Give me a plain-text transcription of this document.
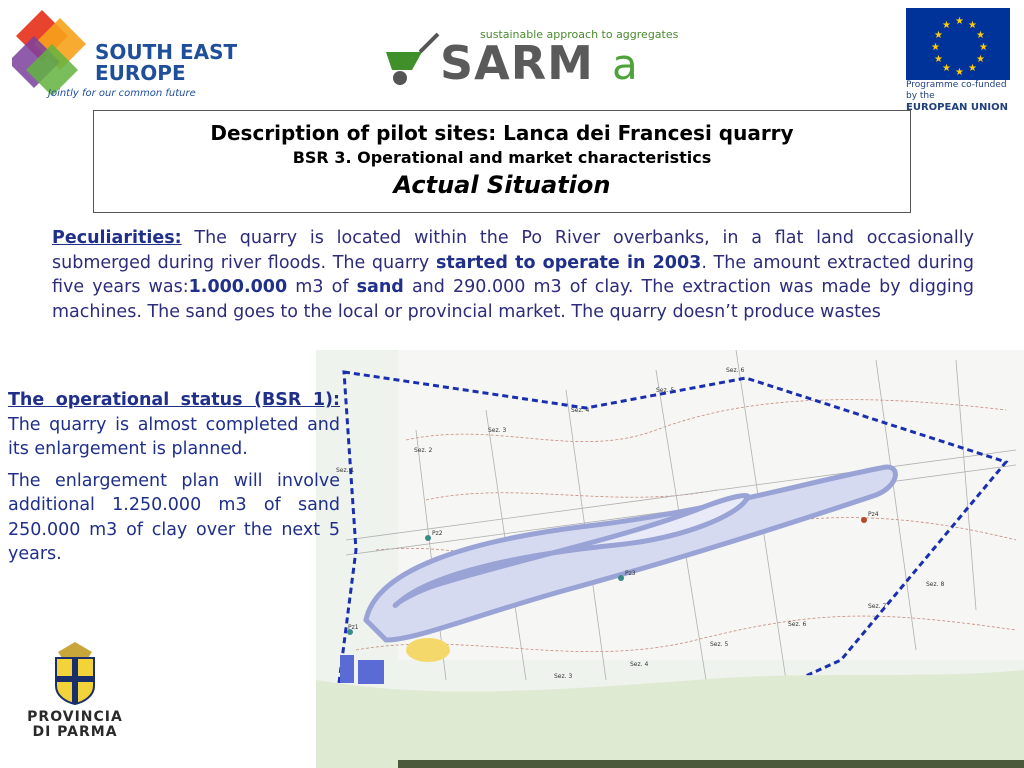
SOUTH EAST
EUROPE
Jointly for our common future
sustainable approach to aggregates
SARM a
★ ★
★
★
★
★
★
★
★
★
★
★
Programme co-funded by the
EUROPEAN UNION
Description of pilot sites: Lanca dei Francesi quarry
BSR 3. Operational and market characteristics
Actual Situation
Peculiarities: The quarry is located within the Po River overbanks, in a flat land occasionally submerged during river floods. The quarry started to operate in 2003. The amount extracted during five years was:1.000.000 m3 of sand and 290.000 m3 of clay. The extraction was made by digging machines. The sand goes to the local or provincial market. The quarry doesn’t produce wastes
Sez. 6
Sez. 5
Sez. 4
Sez. 3
Sez. 2
Sez. 1
Sez. 8
Sez. 7
Sez. 6
Sez. 5
Sez. 4
Sez. 3
Pz2
Pz3
Pz4
Pz1

The operational status (BSR 1): The quarry is almost completed and its enlargement is planned.

The enlargement plan will involve additional 1.250.000 m3 of sand 250.000 m3 of clay over the next 5 years.

PROVINCIA
DI PARMA
